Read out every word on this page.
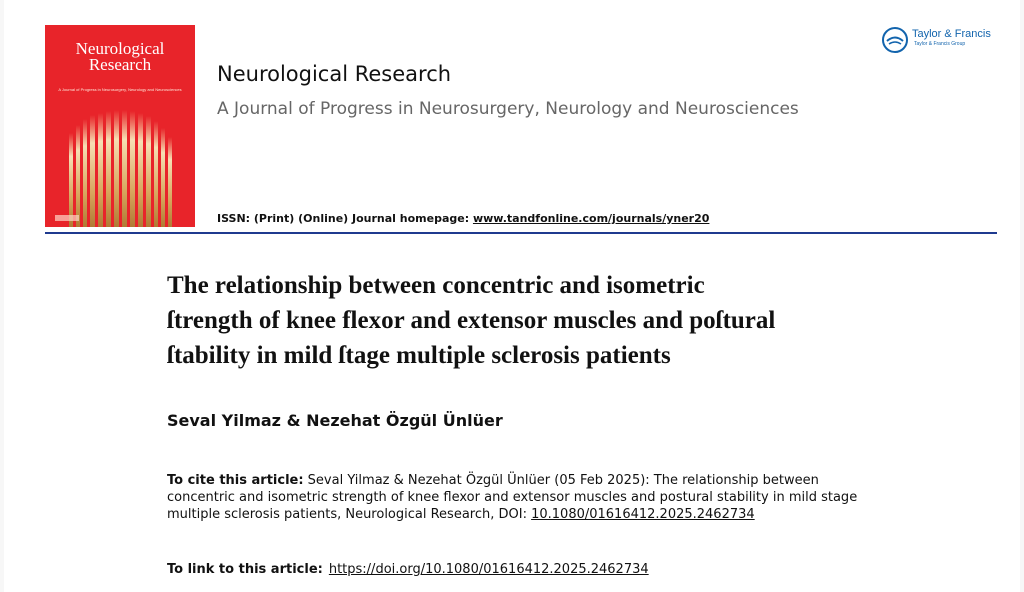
Neurological
Research
A Journal of Progress in Neurosurgery, Neurology and Neurosciences
Neurological Research
A Journal of Progress in Neurosurgery, Neurology and Neurosciences
ISSN: (Print) (Online) Journal homepage: www.tandfonline.com/journals/yner20
Taylor & Francis
Taylor & Francis Group
The relationship between concentric and isometric
ſtrength of knee flexor and extensor muscles and poſtural
ſtability in mild ſtage multiple sclerosis patients
Seval Yilmaz & Nezehat Özgül Ünlüer
To cite this article: Seval Yilmaz & Nezehat Özgül Ünlüer (05 Feb 2025): The relationship between concentric and isometric strength of knee flexor and extensor muscles and postural stability in mild stage multiple sclerosis patients, Neurological Research, DOI: 10.1080/01616412.2025.2462734
To link to this article: https://doi.org/10.1080/01616412.2025.2462734
